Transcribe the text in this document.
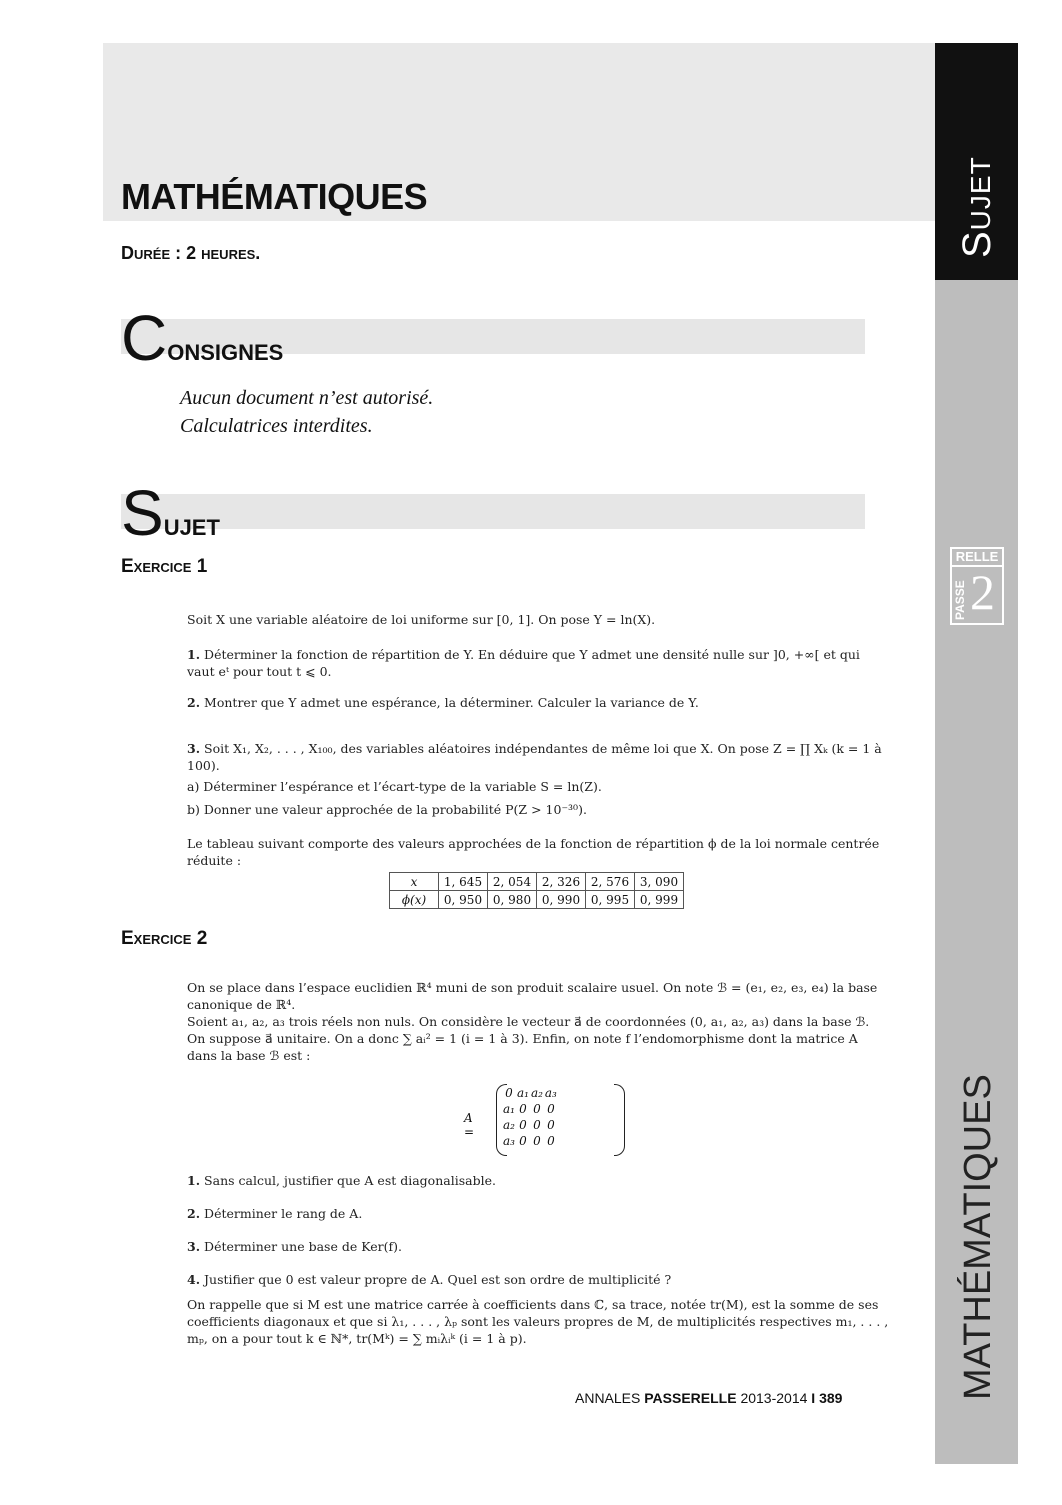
MATHÉMATIQUES
Durée : 2 heures.	Sujet
RELLE
PASSE 2
MATHÉMATIQUES
CONSIGNES
Aucun document n’est autorisé.
Calculatrices interdites.
SUJET
Exercice 1
Soit X une variable aléatoire de loi uniforme sur [0, 1]. On pose Y = ln(X).
1. Déterminer la fonction de répartition de Y. En déduire que Y admet une densité nulle sur ]0, +∞[ et qui vaut eᵗ pour tout t ⩽ 0.
2. Montrer que Y admet une espérance, la déterminer. Calculer la variance de Y.
3. Soit X₁, X₂, . . . , X₁₀₀, des variables aléatoires indépendantes de même loi que X. On pose Z = ∏ Xₖ (k = 1 à 100).
a) Déterminer l’espérance et l’écart-type de la variable S = ln(Z).
b) Donner une valeur approchée de la probabilité P(Z > 10⁻³⁰).
Le tableau suivant comporte des valeurs approchées de la fonction de répartition ϕ de la loi normale centrée réduite :
x	1, 645	2, 054	2, 326	2, 576	3, 090
ϕ(x)	0, 950	0, 980	0, 990	0, 995	0, 999
Exercice 2
On se place dans l’espace euclidien ℝ⁴ muni de son produit scalaire usuel. On note ℬ = (e₁, e₂, e₃, e₄) la base canonique de ℝ⁴.
Soient a₁, a₂, a₃ trois réels non nuls. On considère le vecteur a⃗ de coordonnées (0, a₁, a₂, a₃) dans la base ℬ. On suppose a⃗ unitaire. On a donc ∑ aᵢ² = 1 (i = 1 à 3). Enfin, on note f l’endomorphisme dont la matrice A dans la base ℬ est :
A =
0	a₁	a₂	a₃
a₁	0	0	0
a₂	0	0	0
a₃	0	0	0
1. Sans calcul, justifier que A est diagonalisable.
2. Déterminer le rang de A.
3. Déterminer une base de Ker(f).
4. Justifier que 0 est valeur propre de A. Quel est son ordre de multiplicité ?
On rappelle que si M est une matrice carrée à coefficients dans ℂ, sa trace, notée tr(M), est la somme de ses coefficients diagonaux et que si λ₁, . . . , λₚ sont les valeurs propres de M, de multiplicités respectives m₁, . . . , mₚ, on a pour tout k ∈ ℕ*, tr(Mᵏ) = ∑ mᵢλᵢᵏ (i = 1 à p).
ANNALES PASSERELLE 2013-2014 I 389
